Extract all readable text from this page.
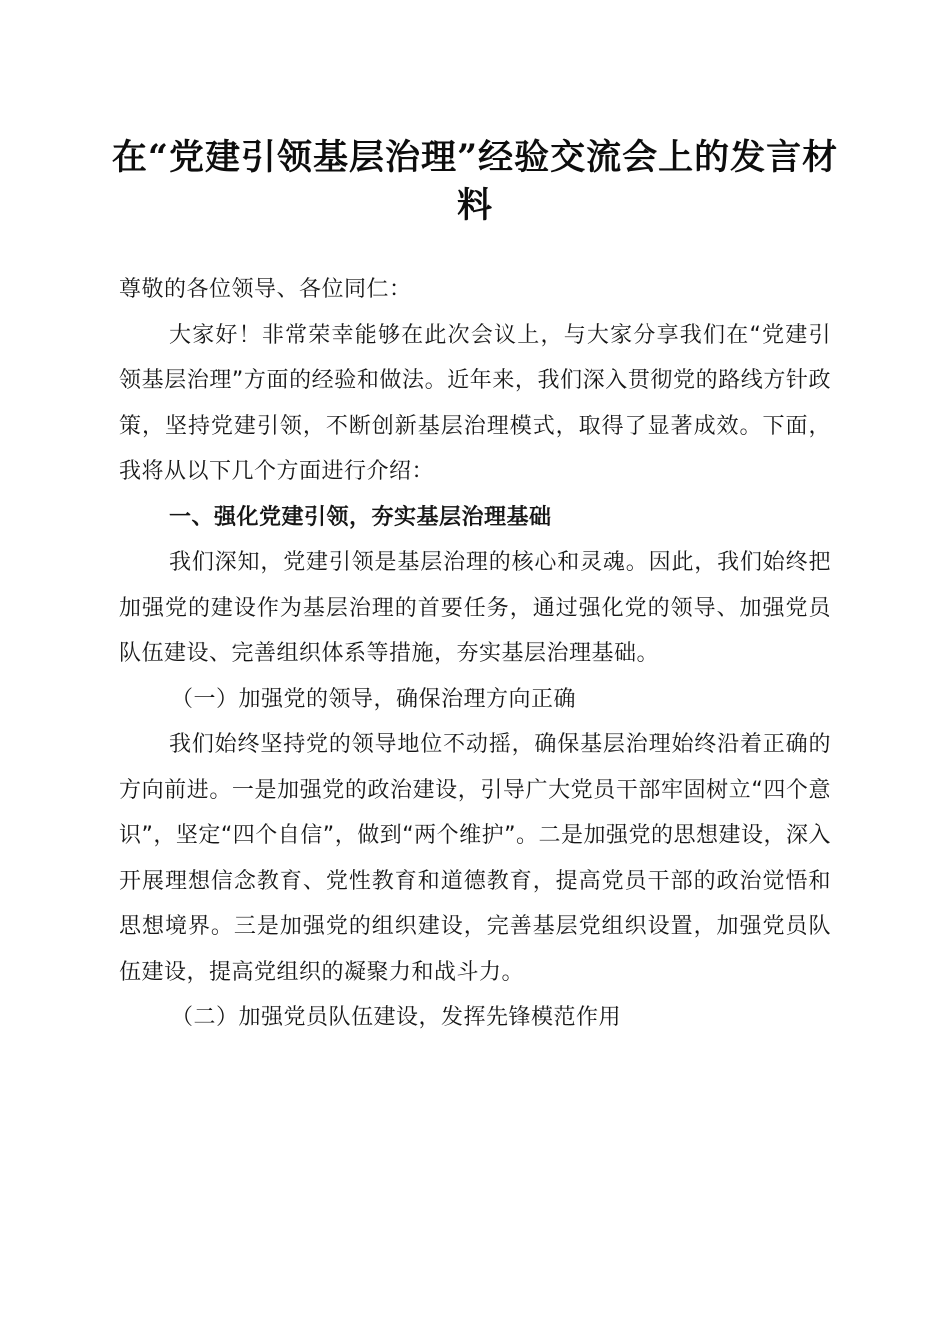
在“党建引领基层治理”经验交流会上的发言材料

尊敬的各位领导、各位同仁：

大家好！非常荣幸能够在此次会议上，与大家分享我们在“党建引领基层治理”方面的经验和做法。近年来，我们深入贯彻党的路线方针政策，坚持党建引领，不断创新基层治理模式，取得了显著成效。下面，我将从以下几个方面进行介绍：

一、强化党建引领，夯实基层治理基础

我们深知，党建引领是基层治理的核心和灵魂。因此，我们始终把加强党的建设作为基层治理的首要任务，通过强化党的领导、加强党员队伍建设、完善组织体系等措施，夯实基层治理基础。

（一）加强党的领导，确保治理方向正确

我们始终坚持党的领导地位不动摇，确保基层治理始终沿着正确的方向前进。一是加强党的政治建设，引导广大党员干部牢固树立“四个意识”，坚定“四个自信”，做到“两个维护”。二是加强党的思想建设，深入开展理想信念教育、党性教育和道德教育，提高党员干部的政治觉悟和思想境界。三是加强党的组织建设，完善基层党组织设置，加强党员队伍建设，提高党组织的凝聚力和战斗力。

（二）加强党员队伍建设，发挥先锋模范作用
